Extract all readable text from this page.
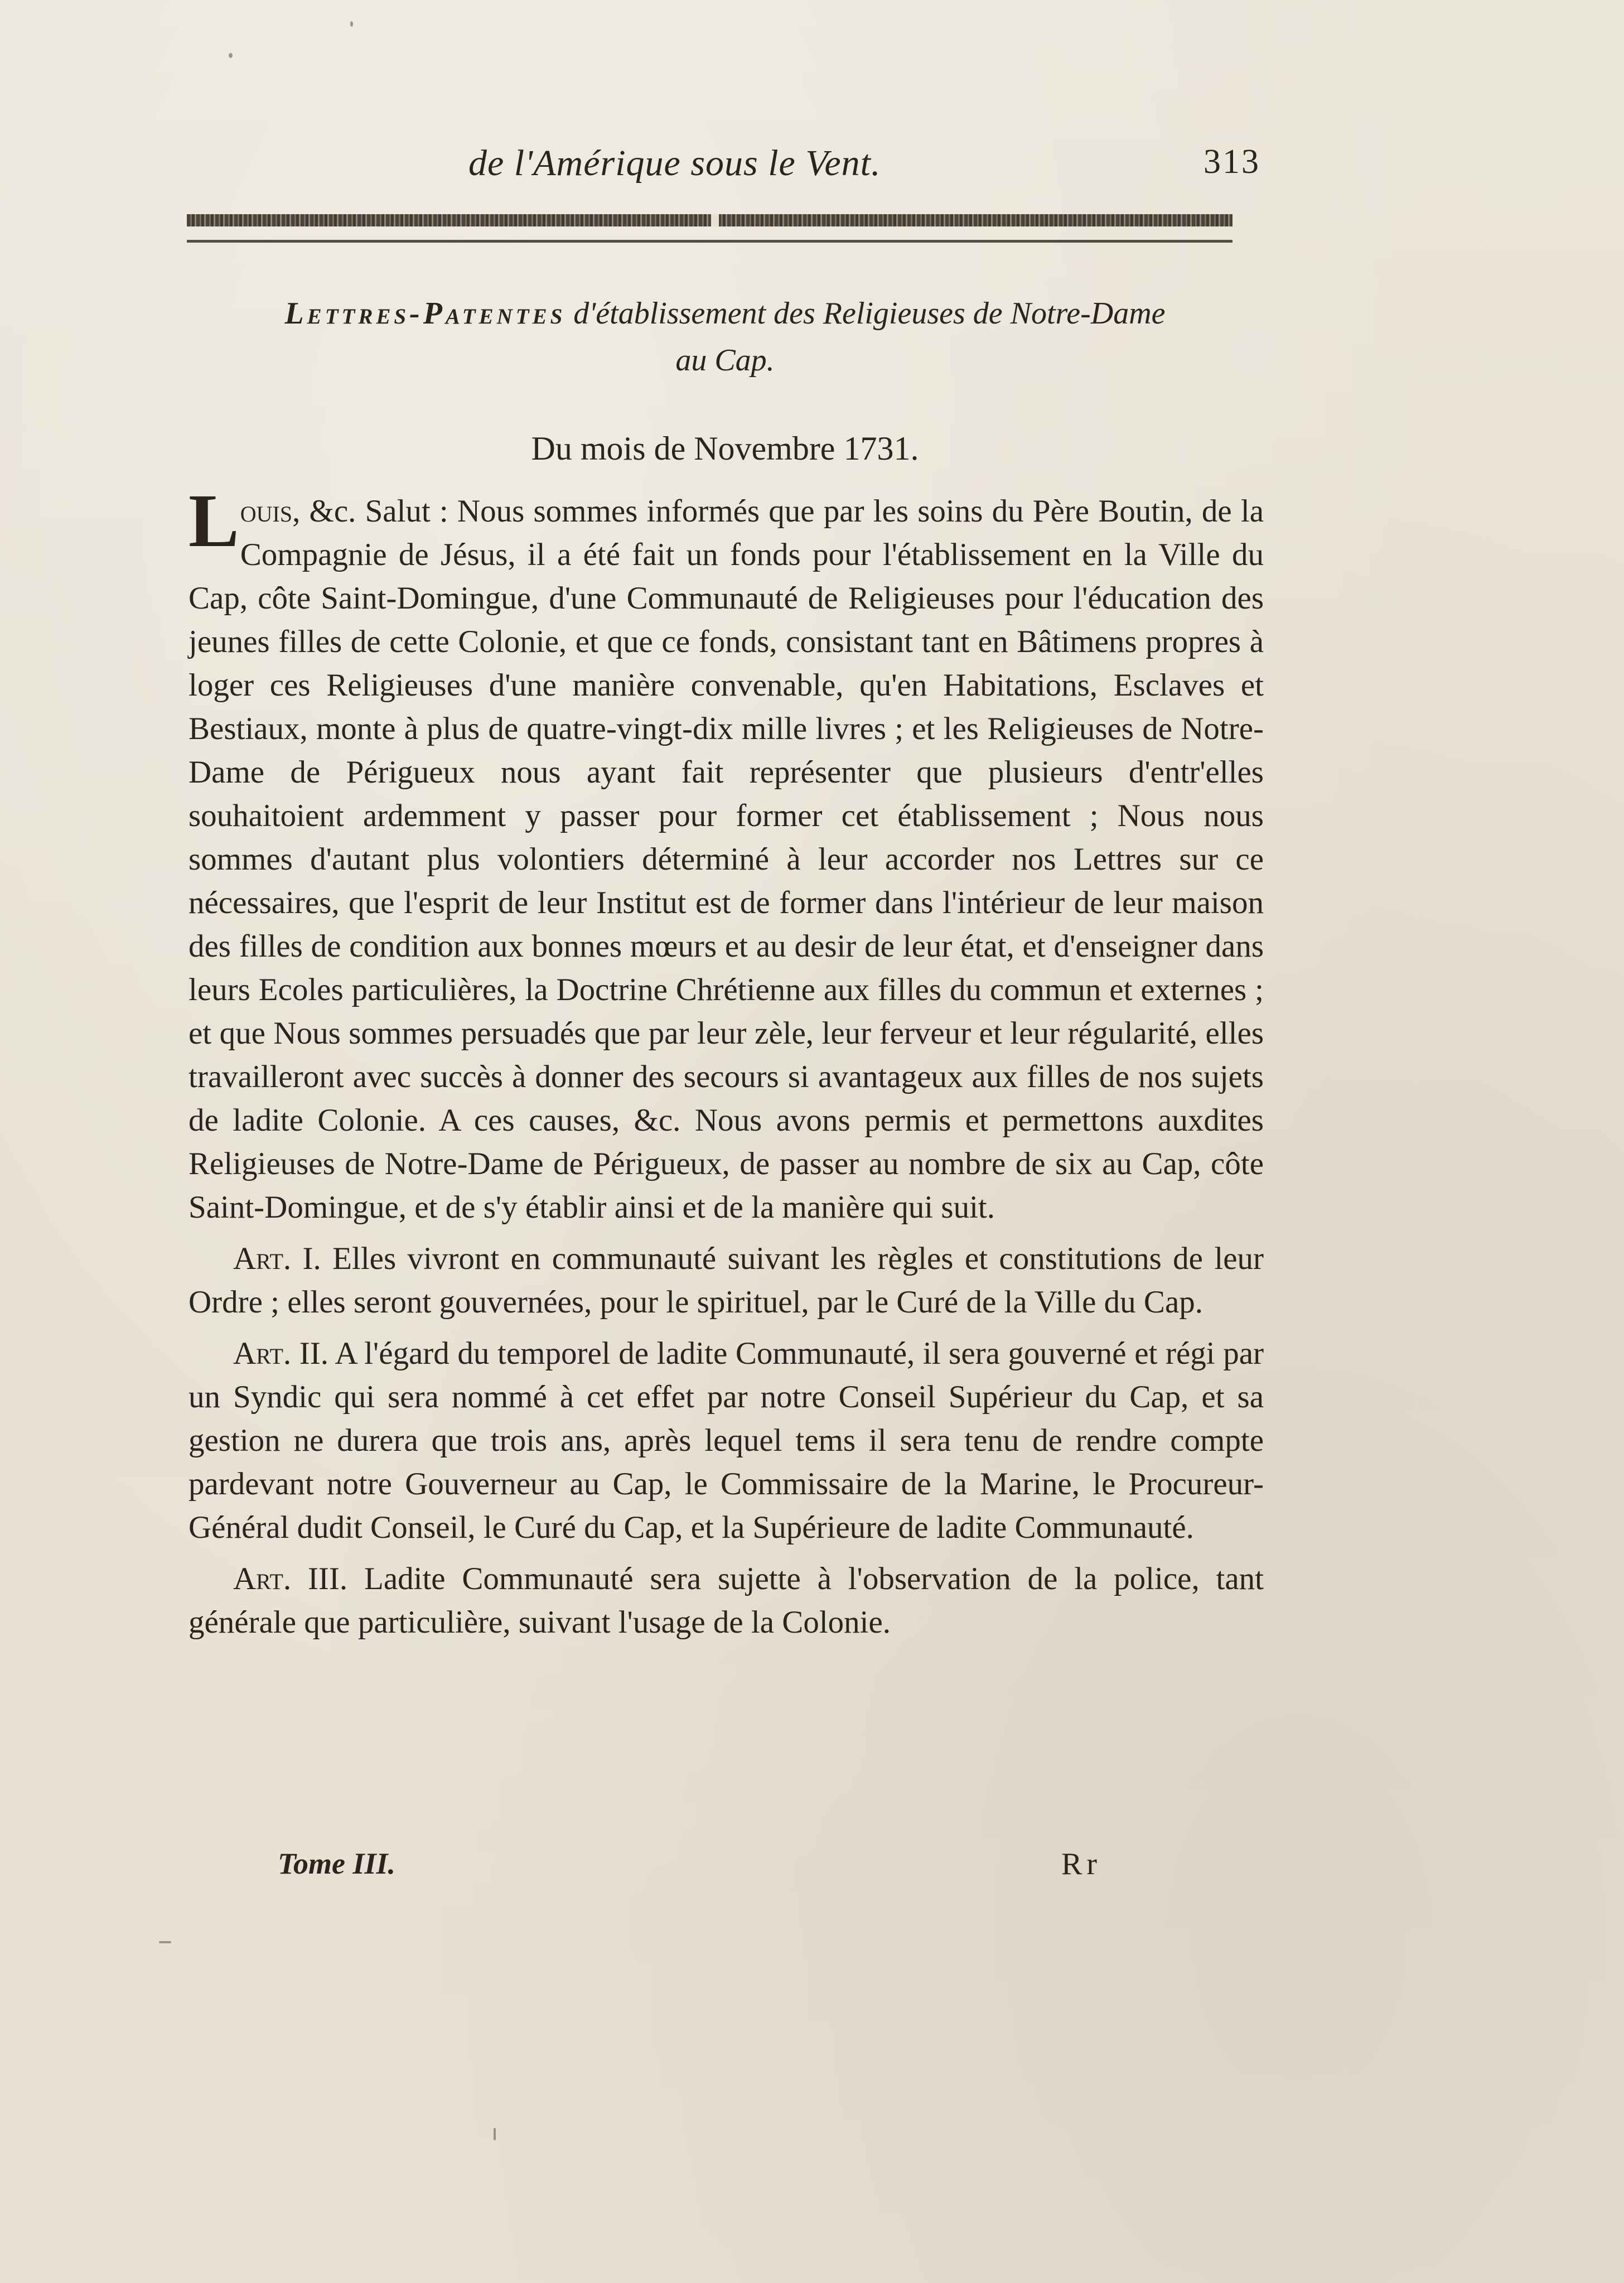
de l'Amérique sous le Vent.	313
Lettres-Patentes d'établissement des Religieuses de Notre-Dame
au Cap.
Du mois de Novembre 1731.

Louis, &c. Salut : Nous sommes informés que par les soins du Père Boutin, de la Compagnie de Jésus, il a été fait un fonds pour l'établissement en la Ville du Cap, côte Saint-Domingue, d'une Communauté de Religieuses pour l'éducation des jeunes filles de cette Colonie, et que ce fonds, consistant tant en Bâtimens propres à loger ces Religieuses d'une manière convenable, qu'en Habitations, Esclaves et Bestiaux, monte à plus de quatre-vingt-dix mille livres ; et les Religieuses de Notre-Dame de Périgueux nous ayant fait représenter que plusieurs d'entr'elles souhaitoient ardemment y passer pour former cet établissement ; Nous nous sommes d'autant plus volontiers déterminé à leur accorder nos Lettres sur ce nécessaires, que l'esprit de leur Institut est de former dans l'intérieur de leur maison des filles de condition aux bonnes mœurs et au desir de leur état, et d'enseigner dans leurs Ecoles particulières, la Doctrine Chrétienne aux filles du commun et externes ; et que Nous sommes persuadés que par leur zèle, leur ferveur et leur régularité, elles travailleront avec succès à donner des secours si avantageux aux filles de nos sujets de ladite Colonie. A ces causes, &c. Nous avons permis et permettons auxdites Religieuses de Notre-Dame de Périgueux, de passer au nombre de six au Cap, côte Saint-Domingue, et de s'y établir ainsi et de la manière qui suit.

Art. I. Elles vivront en communauté suivant les règles et constitutions de leur Ordre ; elles seront gouvernées, pour le spirituel, par le Curé de la Ville du Cap.

Art. II. A l'égard du temporel de ladite Communauté, il sera gouverné et régi par un Syndic qui sera nommé à cet effet par notre Conseil Supérieur du Cap, et sa gestion ne durera que trois ans, après lequel tems il sera tenu de rendre compte pardevant notre Gouverneur au Cap, le Commissaire de la Marine, le Procureur-Général dudit Conseil, le Curé du Cap, et la Supérieure de ladite Communauté.

Art. III. Ladite Communauté sera sujette à l'observation de la police, tant générale que particulière, suivant l'usage de la Colonie.

Tome III.	Rr
